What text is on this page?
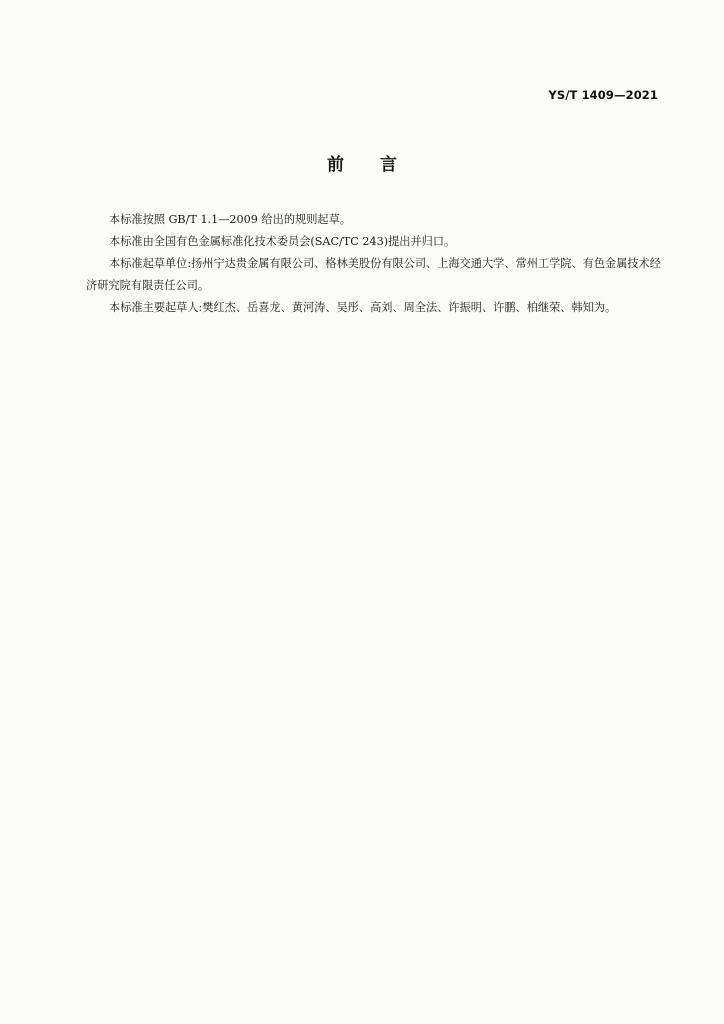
YS/T 1409—2021
前 言

本标准按照 GB/T 1.1—2009 给出的规则起草。

本标准由全国有色金属标准化技术委员会(SAC/TC 243)提出并归口。

本标准起草单位:扬州宁达贵金属有限公司、格林美股份有限公司、上海交通大学、常州工学院、有色金属技术经济研究院有限责任公司。

本标准主要起草人:樊红杰、岳喜龙、黄河涛、吴彤、高刘、周全法、许振明、许鹏、柏继荣、韩知为。
